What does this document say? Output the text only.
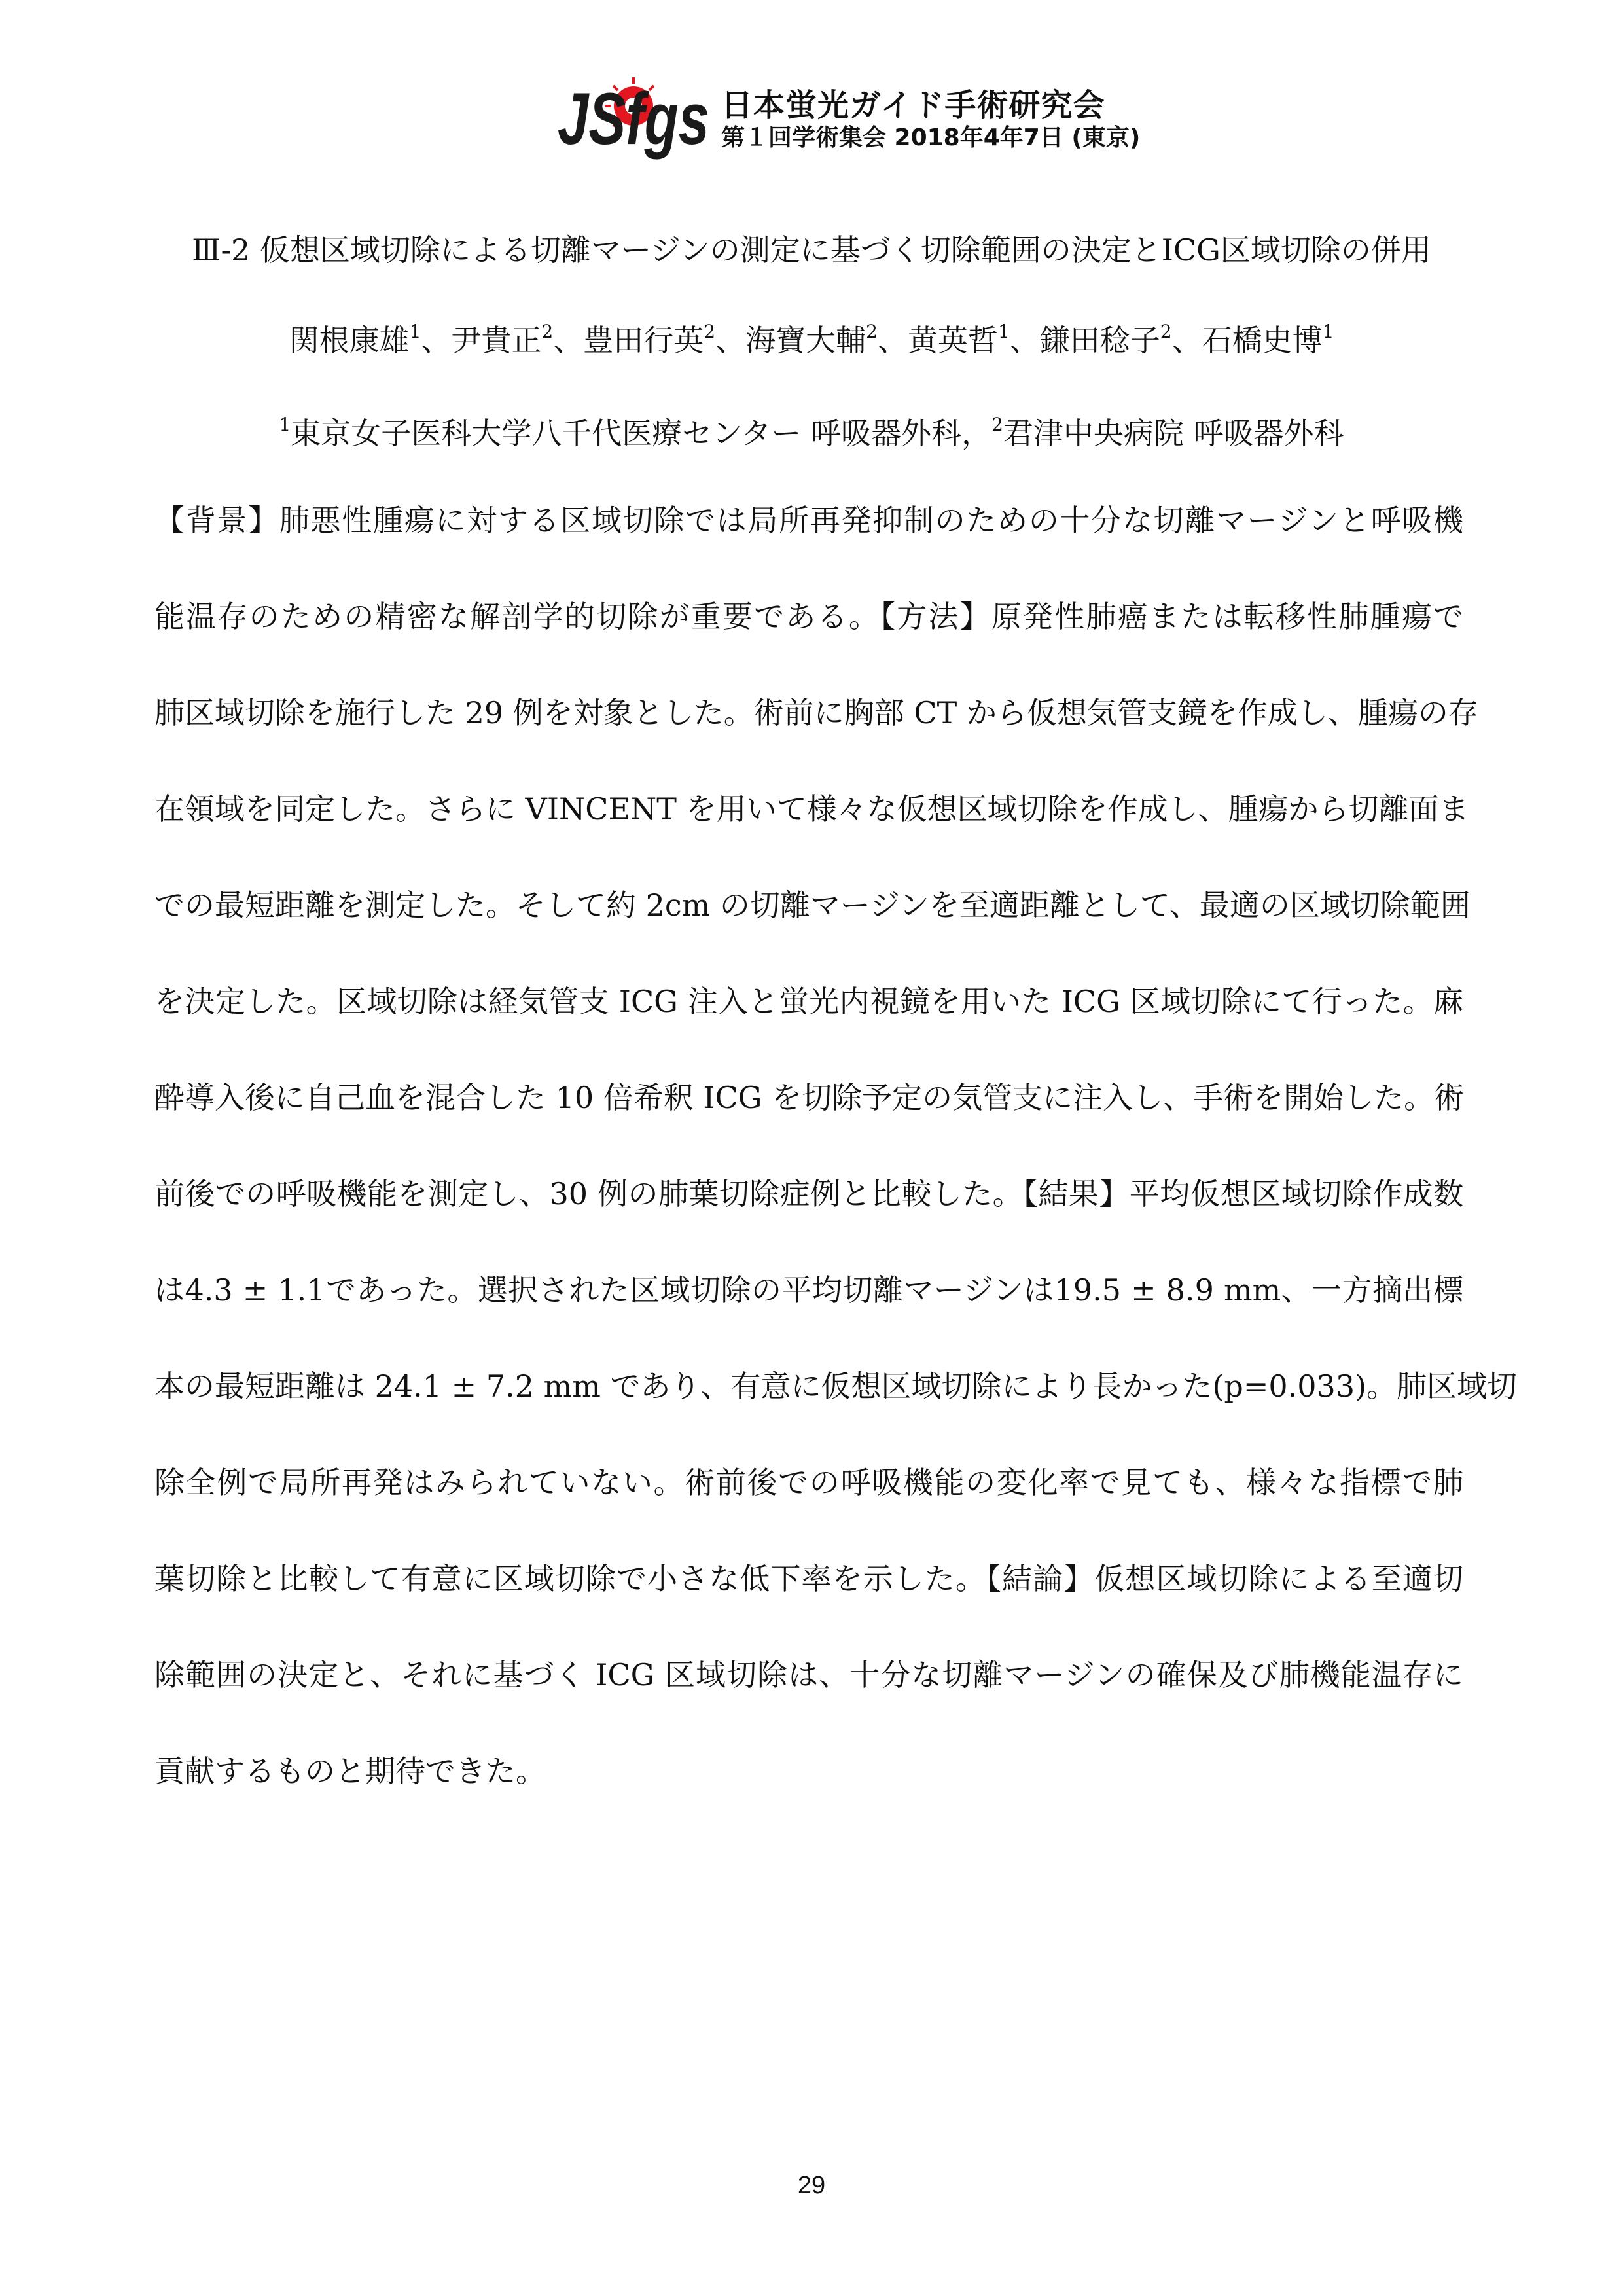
JSfgs 日本蛍光ガイド手術研究会
第１回学術集会 2018年4年7日 (東京)
Ⅲ-2 仮想区域切除による切離マージンの測定に基づく切除範囲の決定とICG区域切除の併用
関根康雄$^1$、尹貴正$^2$、豊田行英$^2$、海寶大輔$^2$、黄英哲$^1$、鎌田稔子$^2$、石橋史博$^1$
$^1$東京女子医科大学八千代医療センター 呼吸器外科，$^2$君津中央病院 呼吸器外科
【背景】肺悪性腫瘍に対する区域切除では局所再発抑制のための十分な切離マージンと呼吸機
能温存のための精密な解剖学的切除が重要である。【方法】原発性肺癌または転移性肺腫瘍で
肺区域切除を施行した 29 例を対象とした。術前に胸部 CT から仮想気管支鏡を作成し、腫瘍の存
在領域を同定した。さらに VINCENT を用いて様々な仮想区域切除を作成し、腫瘍から切離面ま
での最短距離を測定した。そして約 2cm の切離マージンを至適距離として、最適の区域切除範囲
を決定した。区域切除は経気管支 ICG 注入と蛍光内視鏡を用いた ICG 区域切除にて行った。麻
酔導入後に自己血を混合した 10 倍希釈 ICG を切除予定の気管支に注入し、手術を開始した。術
前後での呼吸機能を測定し、30 例の肺葉切除症例と比較した。【結果】平均仮想区域切除作成数
は4.3 ± 1.1であった。選択された区域切除の平均切離マージンは19.5 ± 8.9 mm、一方摘出標
本の最短距離は 24.1 ± 7.2 mm であり、有意に仮想区域切除により長かった(p=0.033)。肺区域切
除全例で局所再発はみられていない。術前後での呼吸機能の変化率で見ても、様々な指標で肺
葉切除と比較して有意に区域切除で小さな低下率を示した。【結論】仮想区域切除による至適切
除範囲の決定と、それに基づく ICG 区域切除は、十分な切離マージンの確保及び肺機能温存に
貢献するものと期待できた。
29
